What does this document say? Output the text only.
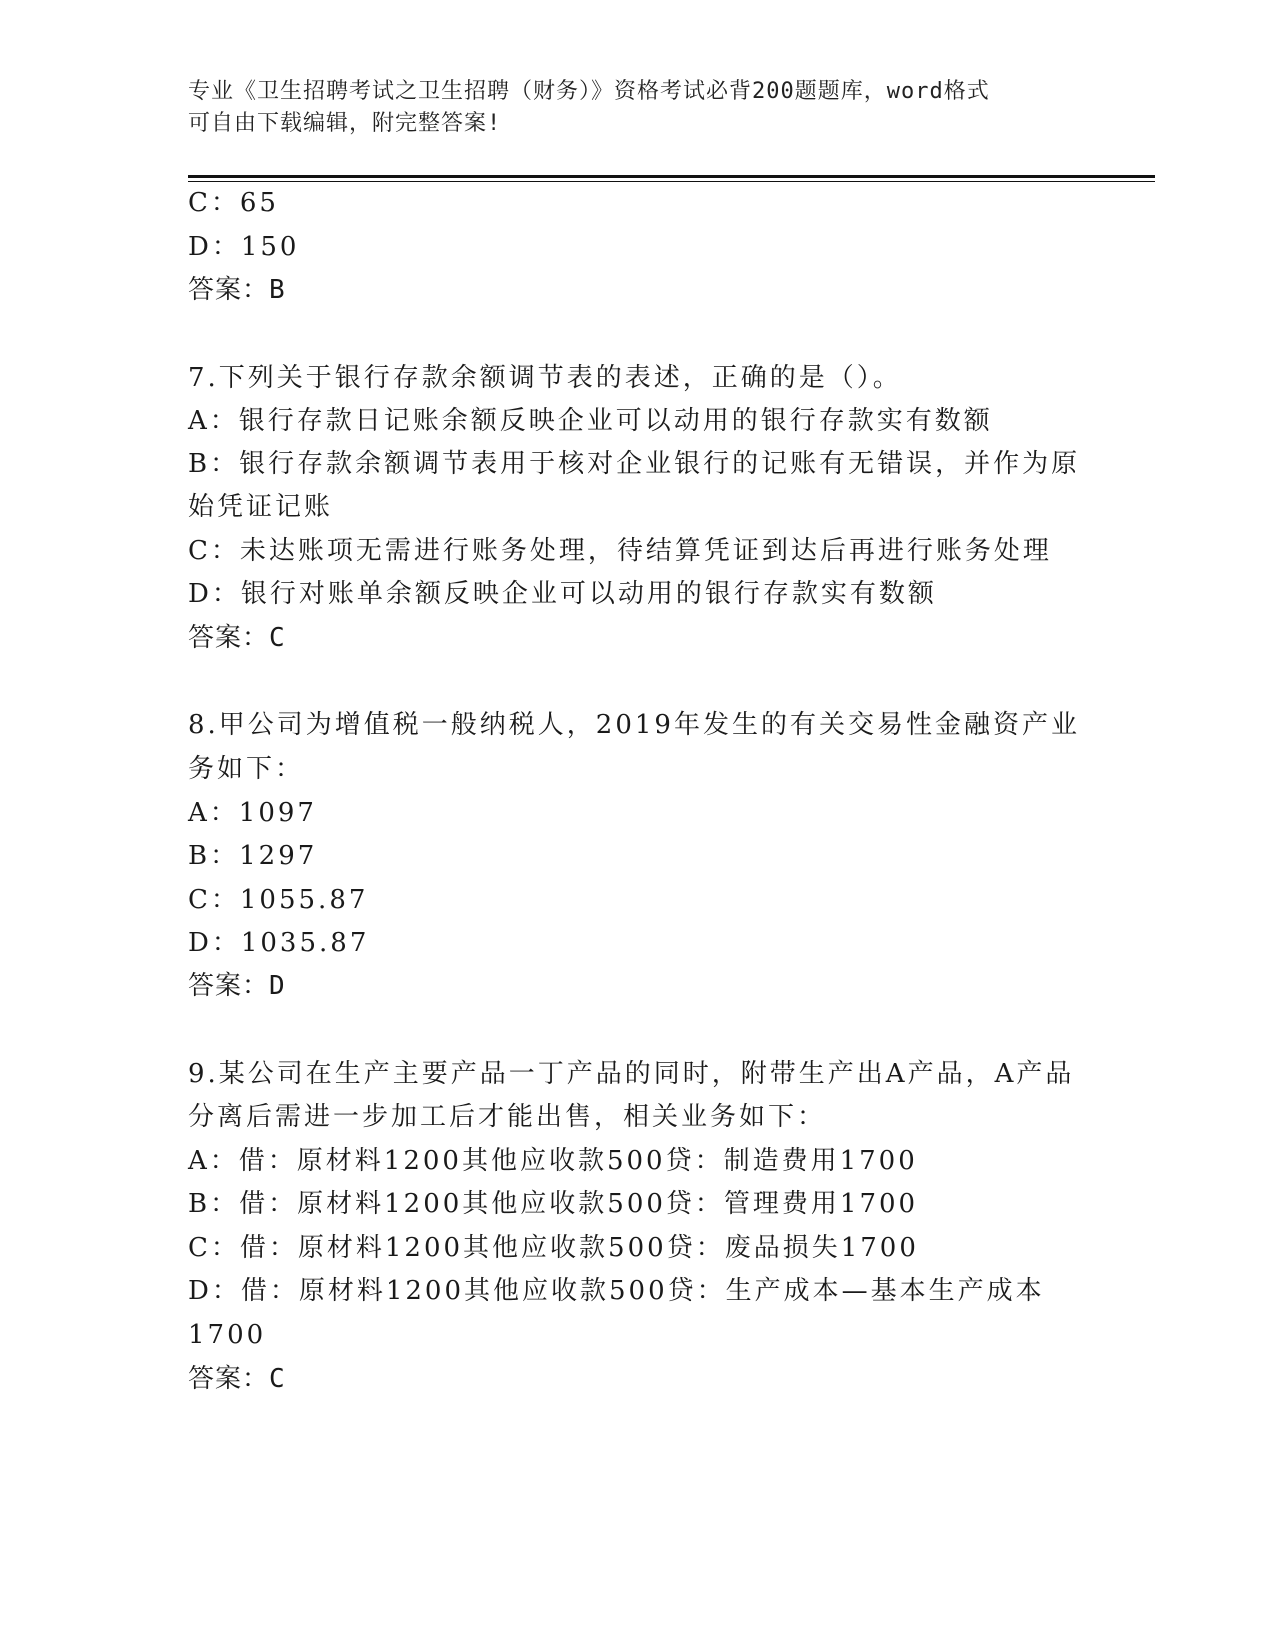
专业《卫生招聘考试之卫生招聘（财务）》资格考试必背200题题库，word格式
可自由下载编辑，附完整答案!
C：65
D：150
答案：B
7.下列关于银行存款余额调节表的表述，正确的是（）。
A：银行存款日记账余额反映企业可以动用的银行存款实有数额
B：银行存款余额调节表用于核对企业银行的记账有无错误，并作为原
始凭证记账
C：未达账项无需进行账务处理，待结算凭证到达后再进行账务处理
D：银行对账单余额反映企业可以动用的银行存款实有数额
答案：C
8.甲公司为增值税一般纳税人，2019年发生的有关交易性金融资产业
务如下：
A：1097
B：1297
C：1055.87
D：1035.87
答案：D
9.某公司在生产主要产品一丁产品的同时，附带生产出A产品，A产品
分离后需进一步加工后才能出售，相关业务如下：
A：借：原材料1200其他应收款500贷：制造费用1700
B：借：原材料1200其他应收款500贷：管理费用1700
C：借：原材料1200其他应收款500贷：废品损失1700
D：借：原材料1200其他应收款500贷：生产成本—基本生产成本
1700
答案：C
